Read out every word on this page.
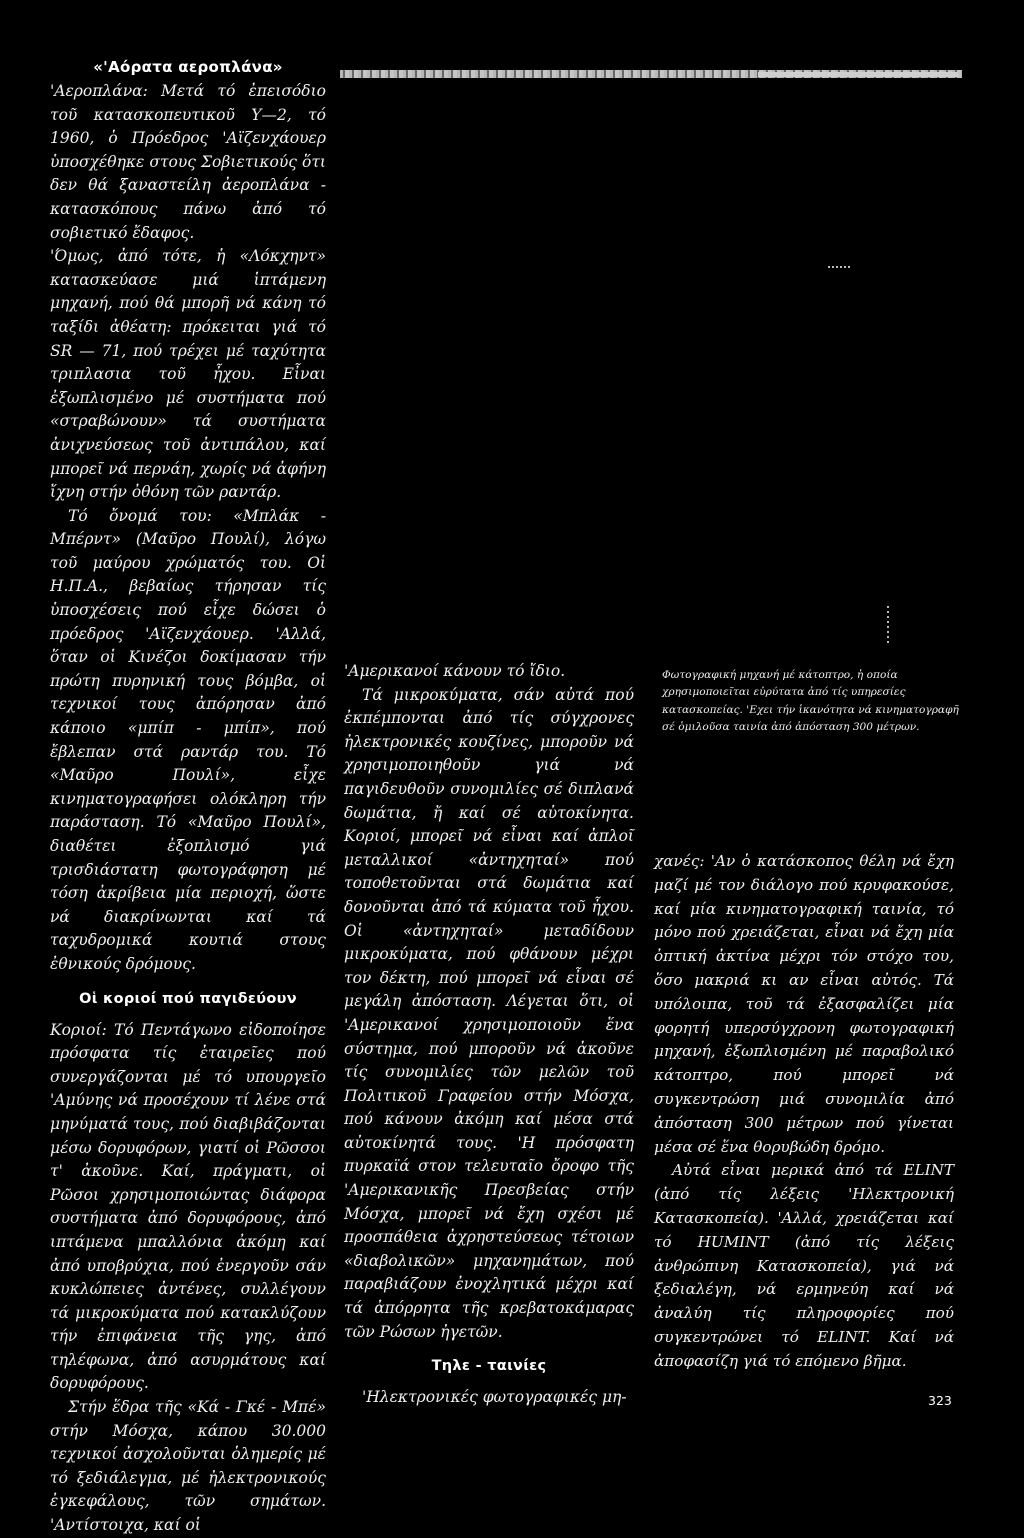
«'Αόρατα αεροπλάνα»

'Αεροπλάνα: Μετά τό ἐπεισόδιο τοῦ κατασκοπευτικοῦ Υ—2, τό 1960, ὁ Πρόεδρος 'Αϊζενχάουερ ὑποσχέθηκε στους Σοβιετικούς ὅτι δεν θά ξαναστείλη ἀεροπλάνα - κατασκόπους πάνω ἀπό τό σοβιετικό ἔδαφος.

'Όμως, ἀπό τότε, ἡ «Λόκχηντ» κατασκεύασε μιά ἱπτάμενη μηχανή, πού θά μπορῆ νά κάνη τό ταξίδι ἀθέατη: πρόκειται γιά τό SR — 71, πού τρέχει μέ ταχύτητα τριπλασια τοῦ ἦχου. Εἶναι ἐξωπλισμένο μέ συστήματα πού «στραβώνουν» τά συστήματα ἀνιχνεύσεως τοῦ ἀντιπάλου, καί μπορεῖ νά περνάη, χωρίς νά ἀφήνη ἴχνη στήν ὀθόνη τῶν ραντάρ.

Τό ὄνομά του: «Μπλάκ - Μπέρντ» (Μαῦρο Πουλί), λόγω τοῦ μαύρου χρώματός του. Οἱ Η.Π.Α., βεβαίως τήρησαν τίς ὑποσχέσεις πού εἶχε δώσει ὁ πρόεδρος 'Αϊζενχάουερ. 'Αλλά, ὅταν οἱ Κινέζοι δοκίμασαν τήν πρώτη πυρηνική τους βόμβα, οἱ τεχνικοί τους ἀπόρησαν ἀπό κάποιο «μπίπ - μπίπ», πού ἔβλεπαν στά ραντάρ του. Τό «Μαῦρο Πουλί», εἶχε κινηματογραφήσει ολόκληρη τήν παράσταση. Τό «Μαῦρο Πουλί», διαθέτει ἐξοπλισμό γιά τρισδιάστατη φωτογράφηση μέ τόση ἀκρίβεια μία περιοχή, ὥστε νά διακρίνωνται καί τά ταχυδρομικά κουτιά στους ἐθνικούς δρόμους.

Οἱ κοριοί πού παγιδεύουν

Κοριοί: Τό Πεντάγωνο εἰδοποίησε πρόσφατα τίς ἑταιρεῖες πού συνεργάζονται μέ τό υπουργεῖο 'Αμύνης νά προσέχουν τί λένε στά μηνύματά τους, πού διαβιβάζονται μέσω δορυφόρων, γιατί οἱ Ρῶσσοι τ' ἀκοῦνε. Καί, πράγματι, οἱ Ρῶσοι χρησιμοποιώντας διάφορα συστήματα ἀπό δορυφόρους, ἀπό ιπτάμενα μπαλλόνια ἀκόμη καί ἀπό υποβρύχια, πού ἐνεργοῦν σάν κυκλώπειες ἀντένες, συλλέγουν τά μικροκύματα πού κατακλύζουν τήν ἐπιφάνεια τῆς γης, ἀπό τηλέφωνα, ἀπό ασυρμάτους καί δορυφόρους.

Στήν ἕδρα τῆς «Κά - Γκέ - Μπέ» στήν Μόσχα, κάπου 30.000 τεχνικοί ἀσχολοῦνται ὁλημερίς μέ τό ξεδιάλεγμα, μέ ἠλεκτρονικούς ἐγκεφάλους, τῶν σημάτων. 'Αντίστοιχα, καί οἱ

'Αμερικανοί κάνουν τό ἴδιο.

Τά μικροκύματα, σάν αὐτά πού ἐκπέμπονται ἀπό τίς σύγχρονες ἠλεκτρονικές κουζίνες, μποροῦν νά χρησιμοποιηθοῦν γιά νά παγιδευθοῦν συνομιλίες σέ διπλανά δωμάτια, ἤ καί σέ αὐτοκίνητα. Κοριοί, μπορεῖ νά εἶναι καί ἁπλοῖ μεταλλικοί «ἀντηχηταί» πού τοποθετοῦνται στά δωμάτια καί δονοῦνται ἀπό τά κύματα τοῦ ἦχου. Οἱ «ἀντηχηταί» μεταδίδουν μικροκύματα, πού φθάνουν μέχρι τον δέκτη, πού μπορεῖ νά εἶναι σέ μεγάλη ἀπόσταση. Λέγεται ὅτι, οἱ 'Αμερικανοί χρησιμοποιοῦν ἕνα σύστημα, πού μποροῦν νά ἀκοῦνε τίς συνομιλίες τῶν μελῶν τοῦ Πολιτικοῦ Γραφείου στήν Μόσχα, πού κάνουν ἀκόμη καί μέσα στά αὐτοκίνητά τους. 'Η πρόσφατη πυρκαϊά στον τελευταῖο ὄροφο τῆς 'Αμερικανικῆς Πρεσβείας στήν Μόσχα, μπορεῖ νά ἔχη σχέσι μέ προσπάθεια ἀχρηστεύσεως τέτοιων «διαβολικῶν» μηχανημάτων, πού παραβιάζουν ἐνοχλητικά μέχρι καί τά ἀπόρρητα τῆς κρεβατοκάμαρας τῶν Ρώσων ἠγετῶν.

Τηλε - ταινίες

'Ηλεκτρονικές φωτογραφικές μη-

Φωτογραφική μηχανή μέ κάτοπτρο, ἡ οποία χρησιμοποιεῖται εὐρύτατα ἀπό τίς υπηρεσίες κατασκοπείας. 'Εχει τήν ἱκανότητα νά κινηματογραφῆ σέ ὁμιλοῦσα ταινία ἀπό ἀπόσταση 300 μέτρων.

χανές: 'Αν ὁ κατάσκοπος θέλη νά ἔχη μαζί μέ τον διάλογο πού κρυφακούσε, καί μία κινηματογραφική ταινία, τό μόνο πού χρειάζεται, εἶναι νά ἔχη μία ὀπτική ἀκτίνα μέχρι τόν στόχο του, ὅσο μακριά κι αν εἶναι αὐτός. Τά υπόλοιπα, τοῦ τά ἐξασφαλίζει μία φορητή υπερσύγχρονη φωτογραφική μηχανή, ἐξωπλισμένη μέ παραβολικό κάτοπτρο, πού μπορεῖ νά συγκεντρώση μιά συνομιλία ἀπό ἀπόσταση 300 μέτρων πού γίνεται μέσα σέ ἕνα θορυβώδη δρόμο.

Αὐτά εἶναι μερικά ἀπό τά ELINT (ἀπό τίς λέξεις 'Ηλεκτρονική Κατασκοπεία). 'Αλλά, χρειάζεται καί τό HUMINT (ἀπό τίς λέξεις ἀνθρώπινη Κατασκοπεία), γιά νά ξεδιαλέγη, νά ερμηνεύη καί νά ἀναλύη τίς πληροφορίες πού συγκεντρώνει τό ELINT. Καί νά ἀποφασίζη γιά τό επόμενο βῆμα.

323
